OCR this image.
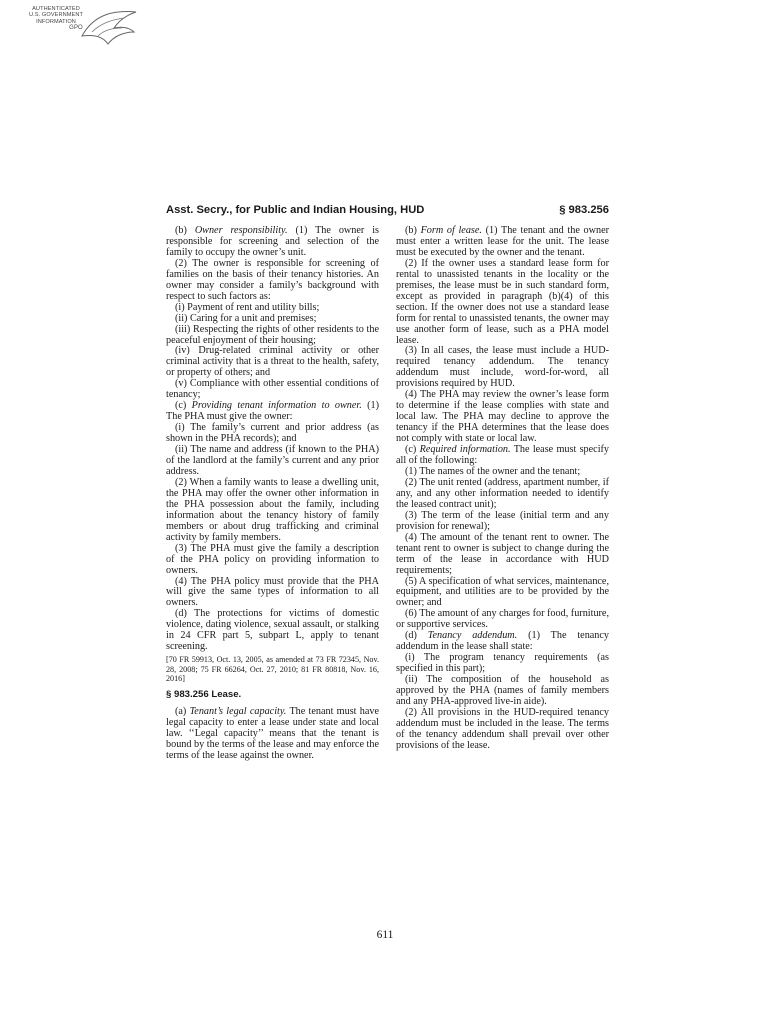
AUTHENTICATED
U.S. GOVERNMENT
INFORMATION
GPO
Asst. Secry., for Public and Indian Housing, HUD	§ 983.256

(b) Owner responsibility. (1) The owner is responsible for screening and selection of the family to occupy the owner’s unit.

(2) The owner is responsible for screening of families on the basis of their tenancy histories. An owner may consider a family’s background with respect to such factors as:

(i) Payment of rent and utility bills;

(ii) Caring for a unit and premises;

(iii) Respecting the rights of other residents to the peaceful enjoyment of their housing;

(iv) Drug-related criminal activity or other criminal activity that is a threat to the health, safety, or property of others; and

(v) Compliance with other essential conditions of tenancy;

(c) Providing tenant information to owner. (1) The PHA must give the owner:

(i) The family’s current and prior address (as shown in the PHA records); and

(ii) The name and address (if known to the PHA) of the landlord at the family’s current and any prior address.

(2) When a family wants to lease a dwelling unit, the PHA may offer the owner other information in the PHA possession about the family, including information about the tenancy history of family members or about drug trafficking and criminal activity by family members.

(3) The PHA must give the family a description of the PHA policy on providing information to owners.

(4) The PHA policy must provide that the PHA will give the same types of information to all owners.

(d) The protections for victims of domestic violence, dating violence, sexual assault, or stalking in 24 CFR part 5, subpart L, apply to tenant screening.

[70 FR 59913, Oct. 13, 2005, as amended at 73 FR 72345, Nov. 28, 2008; 75 FR 66264, Oct. 27, 2010; 81 FR 80818, Nov. 16, 2016]

§ 983.256 Lease.

(a) Tenant’s legal capacity. The tenant must have legal capacity to enter a lease under state and local law. ‘‘Legal capacity’’ means that the tenant is bound by the terms of the lease and may enforce the terms of the lease against the owner.

(b) Form of lease. (1) The tenant and the owner must enter a written lease for the unit. The lease must be executed by the owner and the tenant.

(2) If the owner uses a standard lease form for rental to unassisted tenants in the locality or the premises, the lease must be in such standard form, except as provided in paragraph (b)(4) of this section. If the owner does not use a standard lease form for rental to unassisted tenants, the owner may use another form of lease, such as a PHA model lease.

(3) In all cases, the lease must include a HUD-required tenancy addendum. The tenancy addendum must include, word-for-word, all provisions required by HUD.

(4) The PHA may review the owner’s lease form to determine if the lease complies with state and local law. The PHA may decline to approve the tenancy if the PHA determines that the lease does not comply with state or local law.

(c) Required information. The lease must specify all of the following:

(1) The names of the owner and the tenant;

(2) The unit rented (address, apartment number, if any, and any other information needed to identify the leased contract unit);

(3) The term of the lease (initial term and any provision for renewal);

(4) The amount of the tenant rent to owner. The tenant rent to owner is subject to change during the term of the lease in accordance with HUD requirements;

(5) A specification of what services, maintenance, equipment, and utilities are to be provided by the owner; and

(6) The amount of any charges for food, furniture, or supportive services.

(d) Tenancy addendum. (1) The tenancy addendum in the lease shall state:

(i) The program tenancy requirements (as specified in this part);

(ii) The composition of the household as approved by the PHA (names of family members and any PHA-approved live-in aide).

(2) All provisions in the HUD-required tenancy addendum must be included in the lease. The terms of the tenancy addendum shall prevail over other provisions of the lease.

611
